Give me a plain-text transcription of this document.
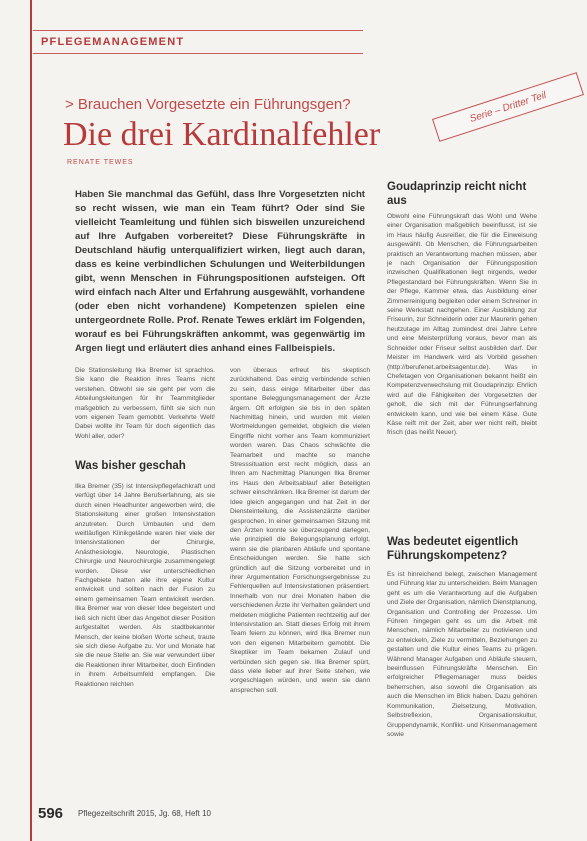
PFLEGEMANAGEMENT
> Brauchen Vorgesetzte ein Führungsgen?
Die drei Kardinalfehler
RENATE TEWES
Serie – Dritter Teil
Haben Sie manchmal das Gefühl, dass Ihre Vorgesetzten nicht so recht wissen, wie man ein Team führt? Oder sind Sie vielleicht Teamleitung und fühlen sich bisweilen unzureichend auf Ihre Aufgaben vorbereitet? Diese Führungskräfte in Deutschland häufig unterqualifiziert wirken, liegt auch daran, dass es keine verbindlichen Schulungen und Weiterbildungen gibt, wenn Menschen in Führungspositionen aufsteigen. Oft wird einfach nach Alter und Erfahrung ausgewählt, vorhandene (oder eben nicht vorhandene) Kompetenzen spielen eine untergeordnete Rolle. Prof. Renate Tewes erklärt im Folgenden, worauf es bei Führungskräften ankommt, was gegenwärtig im Argen liegt und erläutert dies anhand eines Fallbeispiels.
Die Stationsleitung Ilka Bremer ist sprachlos. Sie kann die Reaktion ihres Teams nicht verstehen. Obwohl sie sie geht per vom die Abteilungsleitungen für ihr Teammitglieder maßgeblich zu verbessern, fühlt sie sich nun vom eigenen Team gemobbt. Verkehrte Welt! Dabei wollte ihr Team für doch eigentlich das Wohl aller, oder?
Was bisher geschah
Ilka Bremer (35) ist Intensivpflegefachkraft und verfügt über 14 Jahre Berufserfahrung, als sie durch einen Headhunter angeworben wird, die Stationsleitung einer großen Intensivstation anzutreten. Durch Umbauten und dem weitläufigen Klinikgelände waren hier viele der Intensivstationen der Chirurgie, Anästhesiologie, Neurologie, Plastischen Chirurgie und Neurochirurgie zusammengelegt worden. Diese vier unterschiedlichen Fachgebiete hatten alle ihre eigene Kultur entwickelt und sollten nach der Fusion zu einem gemeinsamen Team entwickelt werden. Ilka Bremer war von dieser Idee begeistert und ließ sich nicht über das Angebot dieser Position aufgestaltet werden. Als stadtbekannter Mensch, der keine bloßen Worte scheut, traute sie sich diese Aufgabe zu. Vor und Monate hat sie die neue Stelle an. Sie war verwundert über die Reaktionen ihrer Mitarbeiter, doch Einfinden in ihrem Arbeitsumfeld empfangen. Die Reaktionen reichten
von überaus erfreut bis skeptisch zurückhaltend. Das einzig verbindende schien zu sein, dass einige Mitarbeiter über das spontane Beleggungsmanagement der Ärzte ärgern. Oft erfolgten sie bis in den späten Nachmittag hinein, und wurden mit vielen Wortmeldungen gemeldet, obgleich die vielen Eingriffe nicht vorher ans Team kommuniziert worden waren. Das Chaos schwächte die Teamarbeit und machte so manche Stresssituation erst recht möglich, dass an Ihren am Nachmittag Planungen Ilka Bremer ins Haus den Arbeitsablauf aller Beteiligten schwer einschränken. Ilka Bremer ist darum der Idee gleich angegangen und hat Zeit in der Diensteinteilung, die Assistenzärzte darüber gesprochen. In einer gemeinsamen Sitzung mit den Ärzten konnte sie überzeugend darlegen, wie prinzipiell die Belegungsplanung erfolgt, wenn sie die planbaren Abläufe und spontane Entscheidungen werden. Sie hatte sich gründlich auf die Sitzung vorbereitet und in ihrer Argumentation Forschungsergebnisse zu Fehlerquellen auf Intensivstationen präsentiert. Innerhalb von nur drei Monaten haben die verschiedenen Ärzte ihr Verhalten geändert und meldeten mögliche Patienten rechtzeitig auf der Intensivstation an. Statt dieses Erfolg mit ihrem Team feiern zu können, wird Ilka Bremer nun von den eigenen Mitarbeitern gemobbt. Die Skeptiker im Team bekamen Zulauf und verbünden sich gegen sie. Ilka Bremer spürt, dass viele lieber auf ihrer Seite stehen, wie vorgeschlagen würden, und wenn sie dann ansprechen soll.
Goudaprinzip reicht nicht aus
Obwohl eine Führungskraft das Wohl und Wehe einer Organisation maßgeblich beeinflusst, ist sie im Haus häufig Ausreißer, die für die Einweisung ausgewählt. Ob Menschen, die Führungsarbeiten praktisch an Verantwortung machen müssen, aber je nach Organisation der Führungsposition inzwischen Qualifikationen liegt nirgends, weder Pflegestandard bei Führungskräften. Wenn Sie in der Pflege, Kammer etwa, das Ausbildung einer Zimmerreinigung begleiten oder einem Schreiner in seine Werkstatt nachgehen. Einer Ausbildung zur Friseurin, zur Schneiderin oder zur Maurerin gehen heutzutage im Alltag zumindest drei Jahre Lehre und eine Meisterprüfung voraus, bevor man als Schneider oder Friseur selbst ausbilden darf. Der Meister im Handwerk wird als Vorbild gesehen (http://berufenet.arbeitsagentur.de). Was in Chefetagen von Organisationen bekannt heißt ein Kompetenzverwechslung mit Goudaprinzip: Ehrlich wird auf die Fähigkeiten der Vorgesetzten der geholt, die sich mit der Führungserfahrung entwickeln kann, und wie bei einem Käse. Gute Käse reift mit der Zeit, aber wer nicht reift, bleibt frisch (das heißt Neuer).
Was bedeutet eigentlich Führungskompetenz?
Es ist hinreichend belegt, zwischen Management und Führung klar zu unterscheiden. Beim Managen geht es um die Verantwortung auf die Aufgaben und Ziele der Organisation, nämlich Dienstplanung, Organisation und Controlling der Prozesse. Um Führen hingegen geht es um die Arbeit mit Menschen, nämlich Mitarbeiter zu motivieren und zu entwickeln, Ziele zu vermitteln, Beziehungen zu gestalten und die Kultur eines Teams zu prägen. Während Manager Aufgaben und Abläufe steuern, beeinflussen Führungskräfte Menschen. Ein erfolgreicher Pflegemanager muss beides beherrschen, also sowohl die Organisation als auch die Menschen im Blick haben. Dazu gehören Kommunikation, Zielsetzung, Motivation, Selbstreflexion, Organisationskultur, Gruppendynamik, Konflikt- und Krisenmanagement sowie
596 Pflegezeitschrift 2015, Jg. 68, Heft 10
